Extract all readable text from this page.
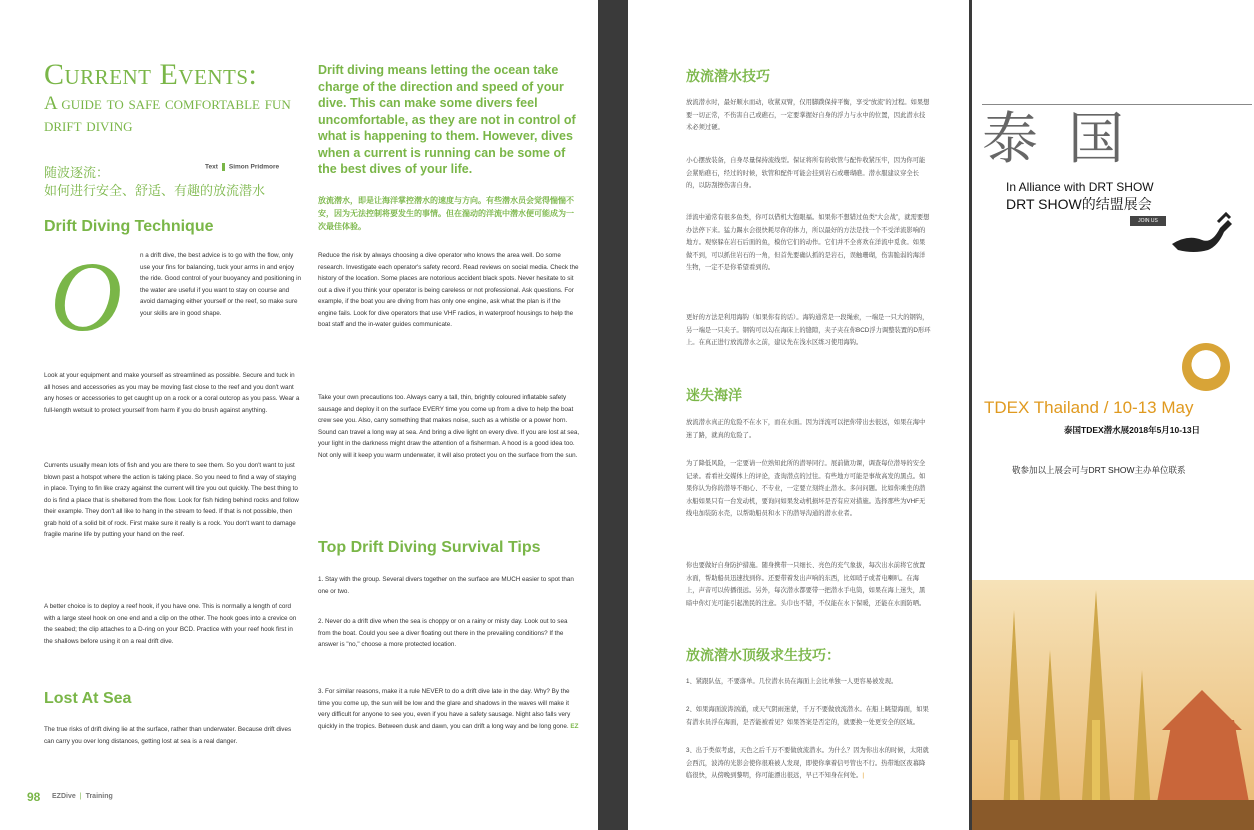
Current Events:
A guide to safe comfortable fun drift diving
随波逐流：
如何进行安全、舒适、有趣的放流潜水
Text Simon Pridmore
Drift Diving Technique
O	n a drift dive, the best advice is to go with the flow, only use your fins for balancing, tuck your arms in and enjoy the ride. Good control of your buoyancy and positioning in the water are useful if you want to stay on course and avoid damaging either yourself or the reef, so make sure your skills are in good shape.
Look at your equipment and make yourself as streamlined as possible. Secure and tuck in all hoses and accessories as you may be moving fast close to the reef and you don't want any hoses or accessories to get caught up on a rock or a coral outcrop as you pass. Wear a full-length wetsuit to protect yourself from harm if you do brush against anything.
Currents usually mean lots of fish and you are there to see them. So you don't want to just blown past a hotspot where the action is taking place. So you need to find a way of staying in place. Trying to fin like crazy against the current will tire you out quickly. The best thing to do is find a place that is sheltered from the flow. Look for fish hiding behind rocks and follow their example. They don't all like to hang in the stream to feed. If that is not possible, then grab hold of a solid bit of rock. First make sure it really is a rock. You don't want to damage fragile marine life by putting your hand on the reef.
A better choice is to deploy a reef hook, if you have one. This is normally a length of cord with a large steel hook on one end and a clip on the other. The hook goes into a crevice on the seabed; the clip attaches to a D-ring on your BCD. Practice with your reef hook first in the shallows before using it on a real drift dive.
Lost At Sea
The true risks of drift diving lie at the surface, rather than underwater. Because drift dives can carry you over long distances, getting lost at sea is a real danger.
Drift diving means letting the ocean take charge of the direction and speed of your dive. This can make some divers feel uncomfortable, as they are not in control of what is happening to them. However, dives when a current is running can be some of the best dives of your life.
放流潜水，即是让海洋掌控潜水的速度与方向。有些潜水员会觉得惴惴不安，因为无法控制将要发生的事情。但在湍动的洋流中潜水便可能成为一次最佳体验。
Reduce the risk by always choosing a dive operator who knows the area well. Do some research. Investigate each operator's safety record. Read reviews on social media. Check the history of the location. Some places are notorious accident black spots. Never hesitate to sit out a dive if you think your operator is being careless or not professional. Ask questions. For example, if the boat you are diving from has only one engine, ask what the plan is if the engine fails. Look for dive operators that use VHF radios, in waterproof housings to help the boat staff and the in-water guides communicate.
Take your own precautions too. Always carry a tall, thin, brightly coloured inflatable safety sausage and deploy it on the surface EVERY time you come up from a dive to help the boat crew see you. Also, carry something that makes noise, such as a whistle or a power horn. Sound can travel a long way at sea. And bring a dive light on every dive. If you are lost at sea, your light in the darkness might draw the attention of a fisherman. A hood is a good idea too. Not only will it keep you warm underwater, it will also protect you on the surface from the sun.
Top Drift Diving Survival Tips
1. Stay with the group. Several divers together on the surface are MUCH easier to spot than one or two.
2. Never do a drift dive when the sea is choppy or on a rainy or misty day. Look out to sea from the boat. Could you see a diver floating out there in the prevailing conditions? If the answer is "no," choose a more protected location.
3. For similar reasons, make it a rule NEVER to do a drift dive late in the day. Why? By the time you come up, the sun will be low and the glare and shadows in the waves will make it very difficult for anyone to see you, even if you have a safety sausage. Night also falls very quickly in the tropics. Between dusk and dawn, you can drift a long way and be long gone. EZ
98 EZDive | Training
放流潜水技巧
放流潜水时，最好顺水而动，收紧双臂，仅用脚蹼保持平衡，享受“放流”的过程。如果想要一切正常，不伤害自己或礁石，一定要掌握好自身的浮力与水中的位置，因此潜水技术必须过硬。
小心摆放装备，自身尽量保持流线型。保证将所有的软管与配件收紧压牢，因为你可能会紧贴礁石，经过的时候，软管和配件可能会挂到岩石或珊瑚礁。潜水服建议穿全长的，以防刮擦伤害自身。
洋流中通常有很多鱼类，你可以借机大饱眼福。如果你不想错过鱼类“大会战”，就需要想办法停下来。猛力踢水会很快耗尽你的体力，所以最好的方法是找一个不受洋流影响的地方。观察躲在岩石后面的鱼，模仿它们的动作。它们并不全喜欢在洋流中觅食。如果做不到，可以抓住岩石的一角，但首先要确认抓的是岩石，误触珊瑚，伤害脆弱的海洋生物，一定不是你希望看到的。
更好的方法是利用海钩（如果你有的话）。海钩通常是一段绳索，一端是一只大的钢钩，另一端是一只夹子。钢钩可以勾在海床上的缝隙，夹子夹在你BCD浮力调整装置的D形环上。在真正进行放流潜水之前，建议先在浅水区练习使用海钩。
迷失海洋
放流潜水真正的危险不在水下，而在水面。因为洋流可以把你带出去很远，如果在海中迷了路，就真的危险了。
为了降低风险，一定要请一位熟知此所的潜导同行。展前做功课，调查每位潜导的安全记录。看看社交媒体上的评论，查询潜点的过往。有些地方可能是事故高发的黑点。如果你认为你的潜导不细心、不专业，一定要立刻终止潜水。多问问题。比如你乘坐的潜水船如果只有一台发动机，要询问如果发动机损坏是否有应对措施。选择那些为VHF无线电加装防水壳，以帮助船员和水下的潜导沟通的潜水业者。
你也要做好自身防护措施。随身携带一只细长、亮色的充气象拔，每次出水前将它放置水面，帮助船员迅速找到你。还要带着发出声响的东西，比如哨子或者电喇叭。在海上，声音可以传播很远。另外，每次潜水都要带一把潜水手电筒，如果在海上迷失，黑暗中你灯光可能引起渔民的注意。头巾也不错，不仅能在水下保暖，还能在水面防晒。
放流潜水顶级求生技巧：
1、紧跟队伍，不要落单。几位潜水员在海面上会比单独一人更容易被发现。
2、如果海面波涛汹涌，或天气阴雨迷蒙，千万不要做放流潜水。在船上眺望海面，如果有潜水员浮在海面，是否能被看见？如果答案是否定的，就要换一处更安全的区域。
3、出于类似考虑，天色之后千万不要做放流潜水。为什么？因为你出水的时候，太阳就会西沉，波涛的光影会使你很难被人发现，即使你拿着信号管也不行。热带地区夜幕降临很快，从傍晚到黎明，你可能漂出很远，早已不知身在何处。|
泰国
In Alliance with DRT SHOW
DRT SHOW的结盟展会
JOIN US
TDEX Thailand / 10-13 May
泰国TDEX潜水展2018年5月10-13日
敬参加以上展会可与DRT SHOW主办单位联系
